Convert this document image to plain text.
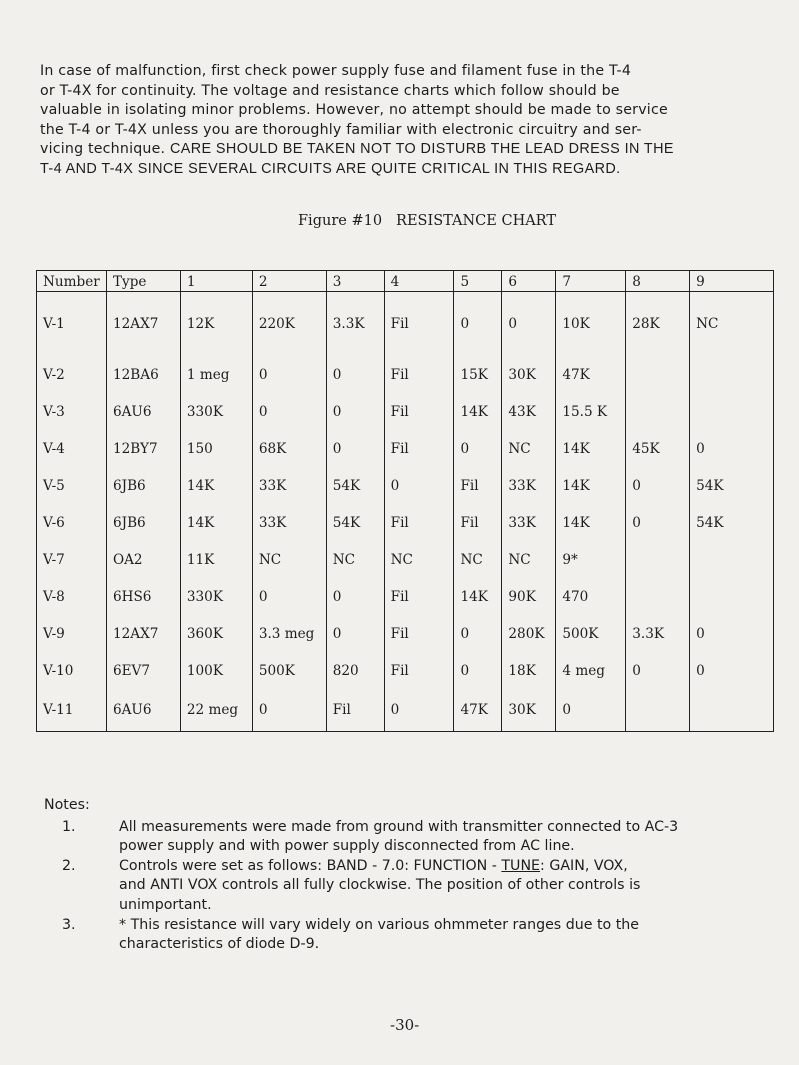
In case of malfunction, first check power supply fuse and filament fuse in the T-4
or T-4X for continuity. The voltage and resistance charts which follow should be
valuable in isolating minor problems. However, no attempt should be made to service
the T-4 or T-4X unless you are thoroughly familiar with electronic circuitry and ser-
vicing technique. CARE SHOULD BE TAKEN NOT TO DISTURB THE LEAD DRESS IN THE
T-4 AND T-4X SINCE SEVERAL CIRCUITS ARE QUITE CRITICAL IN THIS REGARD.
Figure #10 RESISTANCE CHART
Number	Type	1	2	3	4	5	6	7	8	9
V-1	12AX7	12K	220K	3.3K	Fil	0	0	10K	28K	NC
V-2	12BA6	1 meg	0	0	Fil	15K	30K	47K		
V-3	6AU6	330K	0	0	Fil	14K	43K	15.5 K		
V-4	12BY7	150	68K	0	Fil	0	NC	14K	45K	0
V-5	6JB6	14K	33K	54K	0	Fil	33K	14K	0	54K
V-6	6JB6	14K	33K	54K	Fil	Fil	33K	14K	0	54K
V-7	OA2	11K	NC	NC	NC	NC	NC	9*		
V-8	6HS6	330K	0	0	Fil	14K	90K	470		
V-9	12AX7	360K	3.3 meg	0	Fil	0	280K	500K	3.3K	0
V-10	6EV7	100K	500K	820	Fil	0	18K	4 meg	0	0
V-11	6AU6	22 meg	0	Fil	0	47K	30K	0		
Notes:
1.	All measurements were made from ground with transmitter connected to AC-3
power supply and with power supply disconnected from AC line.
2.	Controls were set as follows: BAND - 7.0: FUNCTION - TUNE: GAIN, VOX,
and ANTI VOX controls all fully clockwise. The position of other controls is
unimportant.
3.	* This resistance will vary widely on various ohmmeter ranges due to the
characteristics of diode D-9.
-30-
